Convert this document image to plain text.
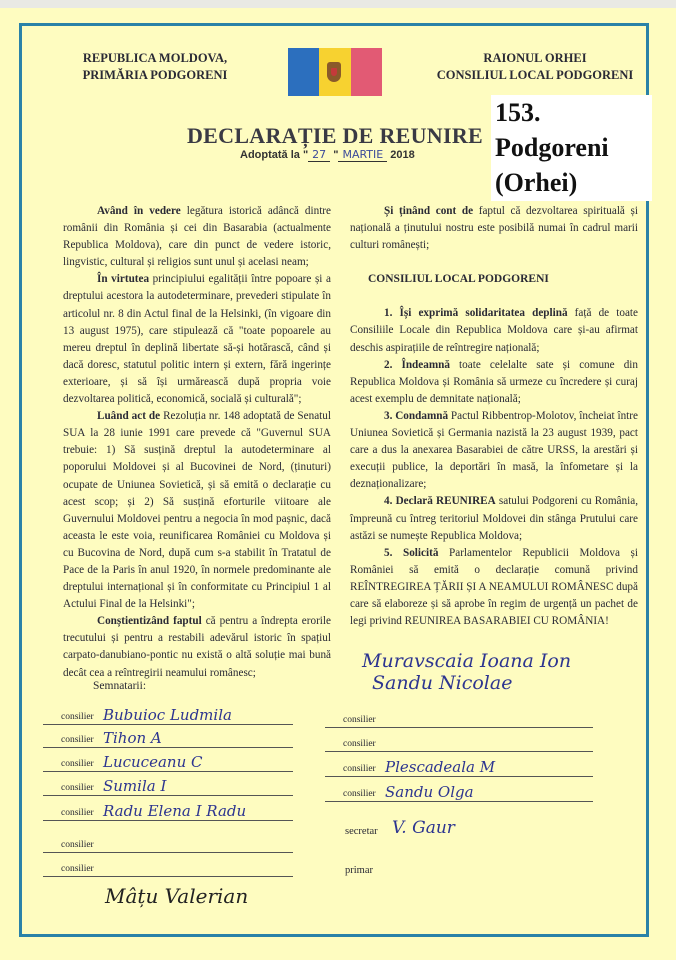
REPUBLICA MOLDOVA,
PRIMĂRIA PODGORENI
RAIONUL ORHEI
CONSILIUL LOCAL PODGORENI
153.
Podgoreni
(Orhei)
DECLARAȚIE DE REUNIRE
Adoptată la " 27 " MARTIE 2018

Având în vedere legătura istorică adâncă dintre românii din România și cei din Basarabia (actualmente Republica Moldova), care din punct de vedere istoric, lingvistic, cultural și religios sunt unul și acelasi neam;

În virtutea principiului egalității între popoare și a dreptului acestora la autodeterminare, prevederi stipulate în articolul nr. 8 din Actul final de la Helsinki, (în vigoare din 13 august 1975), care stipulează că "toate popoarele au mereu dreptul în deplină libertate să-și hotărască, când și dacă doresc, statutul politic intern și extern, fără ingerințe exterioare, și să își urmărească după propria voie dezvoltarea politică, economică, socială și culturală";

Luând act de Rezoluția nr. 148 adoptată de Senatul SUA la 28 iunie 1991 care prevede că "Guvernul SUA trebuie: 1) Să susțină dreptul la autodeterminare al poporului Moldovei și al Bucovinei de Nord, (ținuturi) ocupate de Uniunea Sovietică, și să emită o declarație cu acest scop; și 2) Să susțină eforturile viitoare ale Guvernului Moldovei pentru a negocia în mod pașnic, dacă aceasta le este voia, reunificarea României cu Moldova și cu Bucovina de Nord, după cum s-a stabilit în Tratatul de Pace de la Paris în anul 1920, în normele predominante ale dreptului internațional și în conformitate cu Principiul 1 al Actului Final de la Helsinki";

Conștientizând faptul că pentru a îndrepta erorile trecutului și pentru a restabili adevărul istoric în spațiul carpato-danubiano-pontic nu există o altă soluție mai bună decât cea a reîntregirii neamului românesc;

Și ținând cont de faptul că dezvoltarea spirituală și națională a ținutului nostru este posibilă numai în cadrul marii culturi românești;

CONSILIUL LOCAL PODGORENI

1. Își exprimă solidaritatea deplină față de toate Consiliile Locale din Republica Moldova care și-au afirmat deschis aspirațiile de reîntregire națională;

2. Îndeamnă toate celelalte sate și comune din Republica Moldova și România să urmeze cu încredere și curaj acest exemplu de demnitate națională;

3. Condamnă Pactul Ribbentrop-Molotov, încheiat între Uniunea Sovietică și Germania nazistă la 23 august 1939, pact care a dus la anexarea Basarabiei de către URSS, la arestări și execuții publice, la deportări în masă, la înfometare și la deznaționalizare;

4. Declară REUNIREA satului Podgoreni cu România, împreună cu întreg teritoriul Moldovei din stânga Prutului care astăzi se numește Republica Moldova;

5. Solicită Parlamentelor Republicii Moldova și României să emită o declarație comună privind REÎNTREGIREA ȚĂRII ȘI A NEAMULUI ROMÂNESC după care să elaboreze și să aprobe în regim de urgență un pachet de legi privind REUNIREA BASARABIEI CU ROMÂNIA!

Muravscaia Ioana Ion
Sandu Nicolae
Semnatarii:
consilier Bubuioc Ludmila
consilier Tihon A
consilier Lucuceanu C
consilier Sumila I
consilier Radu Elena I Radu
consilier
consilier
consilier
consilier
consilier Plescadeala M
consilier Sandu Olga
secretar V. Gaur
primar
Mâțu Valerian
